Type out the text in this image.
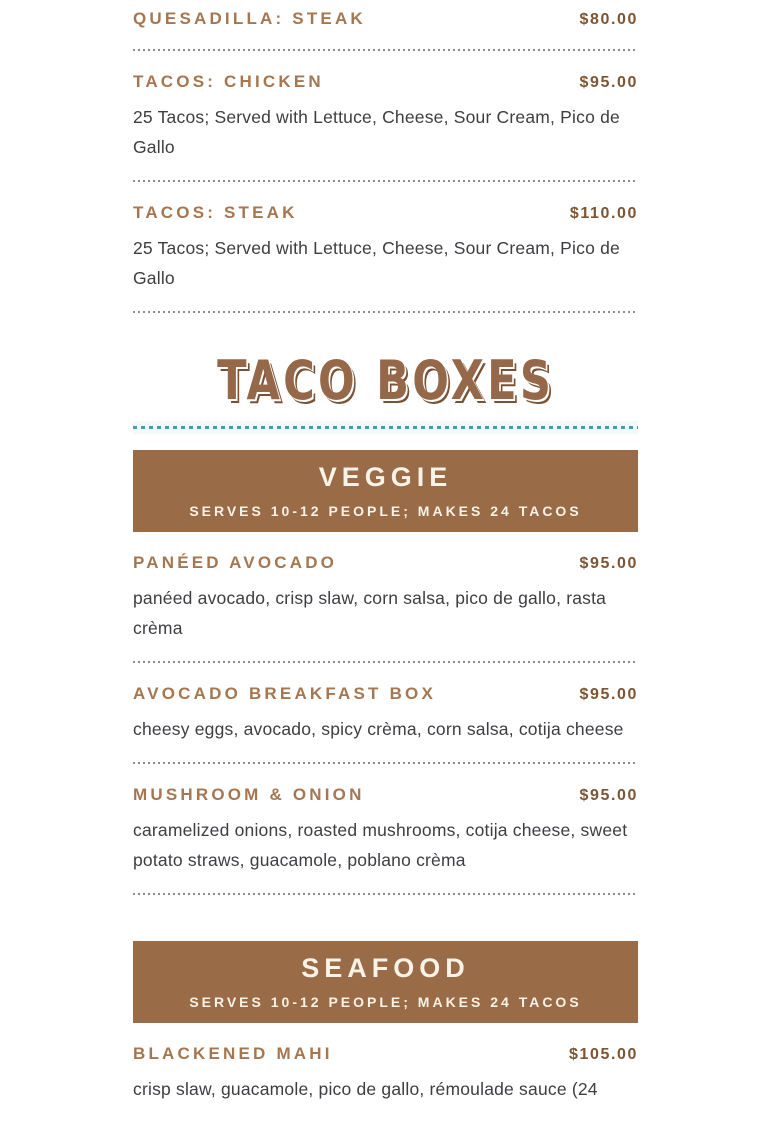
QUESADILLA: STEAK	$80.00
TACOS: CHICKEN	$95.00
25 Tacos; Served with Lettuce, Cheese, Sour Cream, Pico de Gallo
TACOS: STEAK	$110.00
25 Tacos; Served with Lettuce, Cheese, Sour Cream, Pico de Gallo
TACO BOXES
VEGGIE
SERVES 10-12 PEOPLE; MAKES 24 TACOS
PANÉED AVOCADO	$95.00
panéed avocado, crisp slaw, corn salsa, pico de gallo, rasta crèma
AVOCADO BREAKFAST BOX	$95.00
cheesy eggs, avocado, spicy crèma, corn salsa, cotija cheese
MUSHROOM & ONION	$95.00
caramelized onions, roasted mushrooms, cotija cheese, sweet potato straws, guacamole, poblano crèma
SEAFOOD
SERVES 10-12 PEOPLE; MAKES 24 TACOS
BLACKENED MAHI	$105.00
crisp slaw, guacamole, pico de gallo, rémoulade sauce (24
